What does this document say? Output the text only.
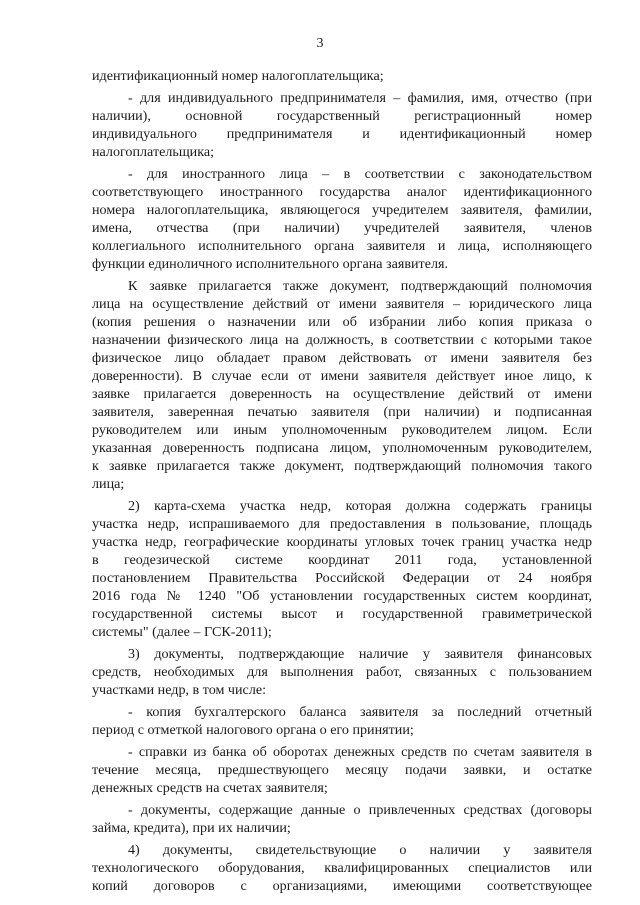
3
идентификационный номер налогоплательщика;
- для индивидуального предпринимателя – фамилия, имя, отчество (при
наличии), основной государственный регистрационный номер
индивидуального предпринимателя и идентификационный номер
налогоплательщика;
- для иностранного лица – в соответствии с законодательством
соответствующего иностранного государства аналог идентификационного
номера налогоплательщика, являющегося учредителем заявителя, фамилии,
имена, отчества (при наличии) учредителей заявителя, членов
коллегиального исполнительного органа заявителя и лица, исполняющего
функции единоличного исполнительного органа заявителя.
К заявке прилагается также документ, подтверждающий полномочия
лица на осуществление действий от имени заявителя – юридического лица
(копия решения о назначении или об избрании либо копия приказа о
назначении физического лица на должность, в соответствии с которыми такое
физическое лицо обладает правом действовать от имени заявителя без
доверенности). В случае если от имени заявителя действует иное лицо, к
заявке прилагается доверенность на осуществление действий от имени
заявителя, заверенная печатью заявителя (при наличии) и подписанная
руководителем или иным уполномоченным руководителем лицом. Если
указанная доверенность подписана лицом, уполномоченным руководителем,
к заявке прилагается также документ, подтверждающий полномочия такого
лица;
2) карта-схема участка недр, которая должна содержать границы
участка недр, испрашиваемого для предоставления в пользование, площадь
участка недр, географические координаты угловых точек границ участка недр
в геодезической системе координат 2011 года, установленной
постановлением Правительства Российской Федерации от 24 ноября
2016 года № 1240 "Об установлении государственных систем координат,
государственной системы высот и государственной гравиметрической
системы" (далее – ГСК-2011);
3) документы, подтверждающие наличие у заявителя финансовых
средств, необходимых для выполнения работ, связанных с пользованием
участками недр, в том числе:
- копия бухгалтерского баланса заявителя за последний отчетный
период с отметкой налогового органа о его принятии;
- справки из банка об оборотах денежных средств по счетам заявителя в
течение месяца, предшествующего месяцу подачи заявки, и остатке
денежных средств на счетах заявителя;
- документы, содержащие данные о привлеченных средствах (договоры
займа, кредита), при их наличии;
4) документы, свидетельствующие о наличии у заявителя
технологического оборудования, квалифицированных специалистов или
копий договоров с организациями, имеющими соответствующее
